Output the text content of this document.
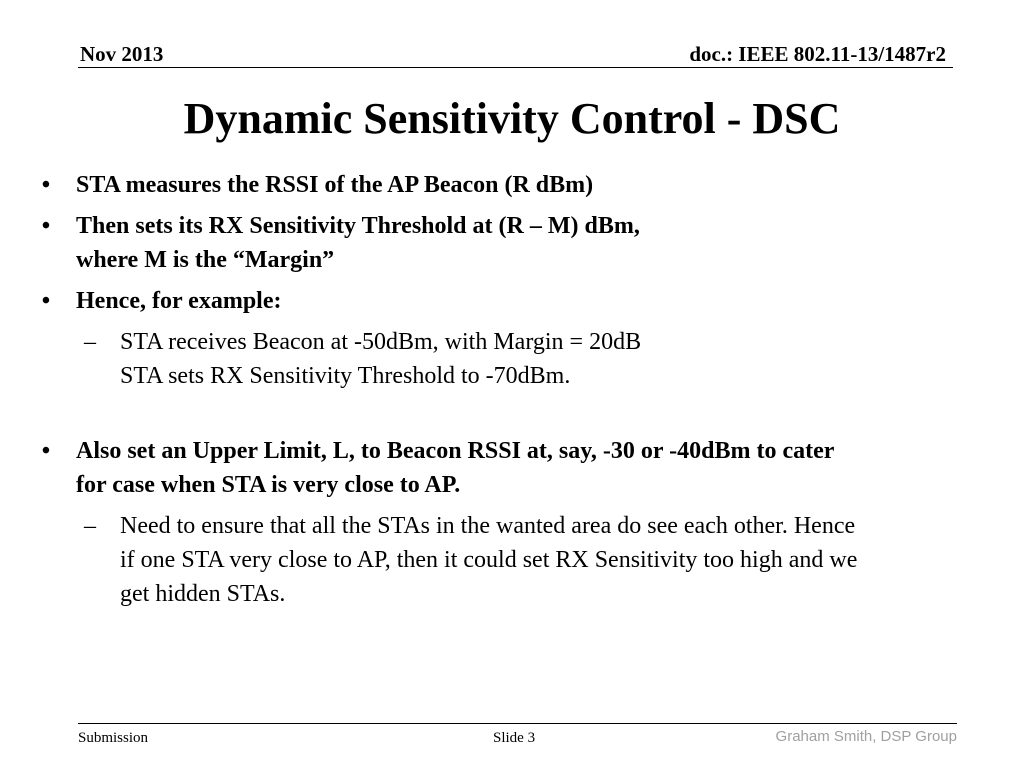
Nov 2013	doc.: IEEE 802.11-13/1487r2
Dynamic Sensitivity Control - DSC
• STA measures the RSSI of the AP Beacon (R dBm)
• Then sets its RX Sensitivity Threshold at (R – M) dBm,
where M is the “Margin”
• Hence, for example:
– STA receives Beacon at -50dBm, with Margin = 20dB
STA sets RX Sensitivity Threshold to -70dBm.
• Also set an Upper Limit, L, to Beacon RSSI at, say, -30 or -40dBm to cater
for case when STA is very close to AP.
– Need to ensure that all the STAs in the wanted area do see each other. Hence
if one STA very close to AP, then it could set RX Sensitivity too high and we
get hidden STAs.
Submission	Slide 3	Graham Smith, DSP Group
